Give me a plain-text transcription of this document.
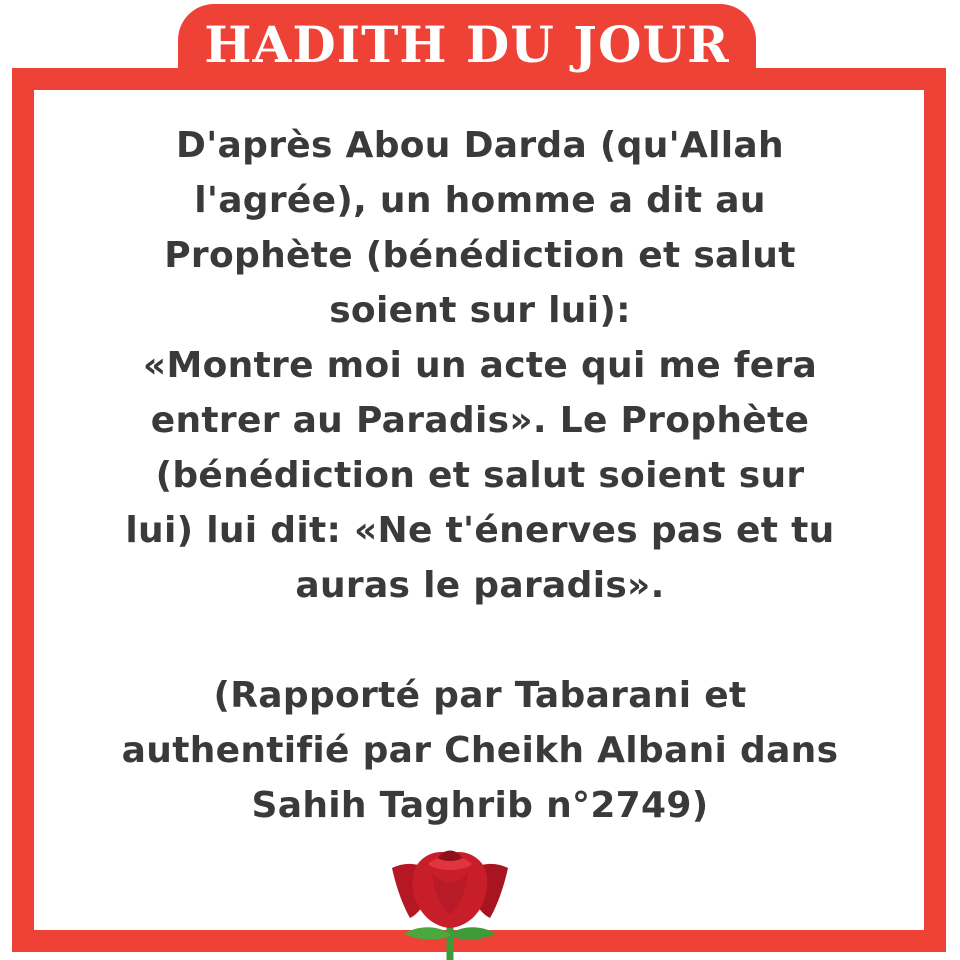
HADITH DU JOUR
D'après Abou Darda (qu'Allah
l'agrée), un homme a dit au
Prophète (bénédiction et salut
soient sur lui):
«Montre moi un acte qui me fera
entrer au Paradis». Le Prophète
(bénédiction et salut soient sur
lui) lui dit: «Ne t'énerves pas et tu
auras le paradis».
(Rapporté par Tabarani et
authentifié par Cheikh Albani dans
Sahih Taghrib n°2749)
